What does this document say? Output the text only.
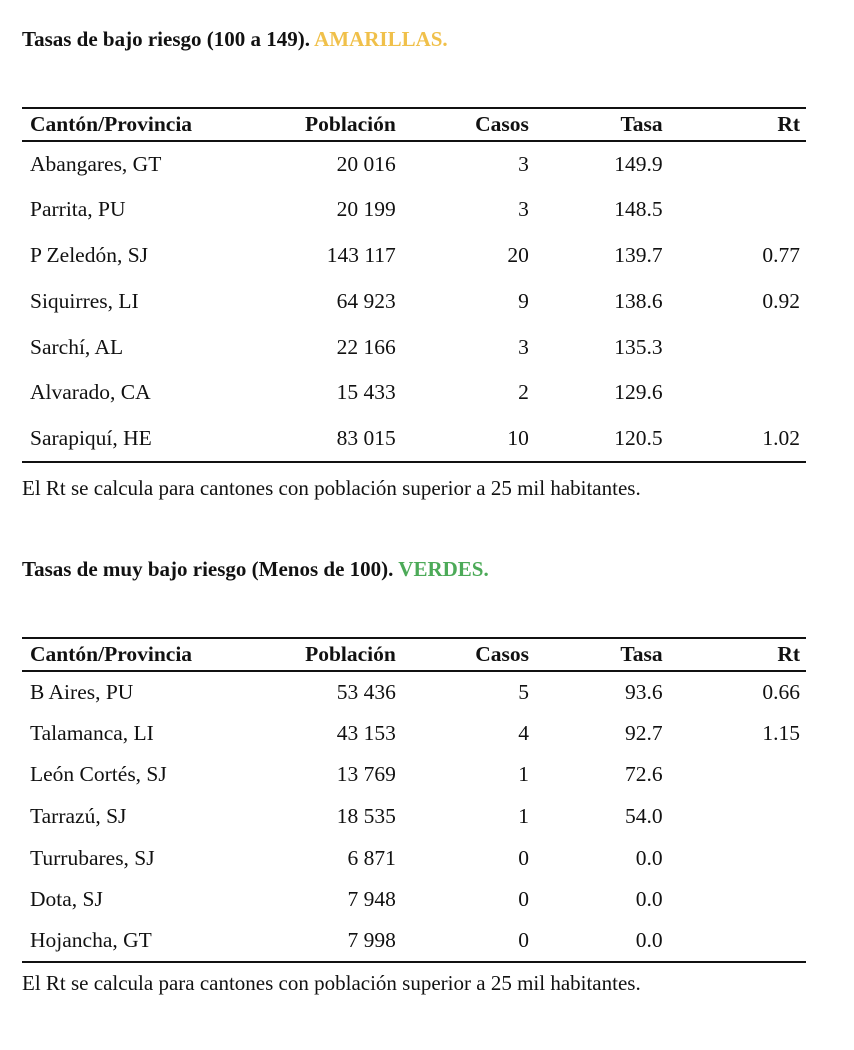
Tasas de bajo riesgo (100 a 149). AMARILLAS.

Cantón/Provincia	Población	Casos	Tasa	Rt
Abangares, GT	20 016	3	149.9	
Parrita, PU	20 199	3	148.5	
P Zeledón, SJ	143 117	20	139.7	0.77
Siquirres, LI	64 923	9	138.6	0.92
Sarchí, AL	22 166	3	135.3	
Alvarado, CA	15 433	2	129.6	
Sarapiquí, HE	83 015	10	120.5	1.02

El Rt se calcula para cantones con población superior a 25 mil habitantes.

Tasas de muy bajo riesgo (Menos de 100). VERDES.

Cantón/Provincia	Población	Casos	Tasa	Rt
B Aires, PU	53 436	5	93.6	0.66
Talamanca, LI	43 153	4	92.7	1.15
León Cortés, SJ	13 769	1	72.6	
Tarrazú, SJ	18 535	1	54.0	
Turrubares, SJ	6 871	0	0.0	
Dota, SJ	7 948	0	0.0	
Hojancha, GT	7 998	0	0.0	

El Rt se calcula para cantones con población superior a 25 mil habitantes.
